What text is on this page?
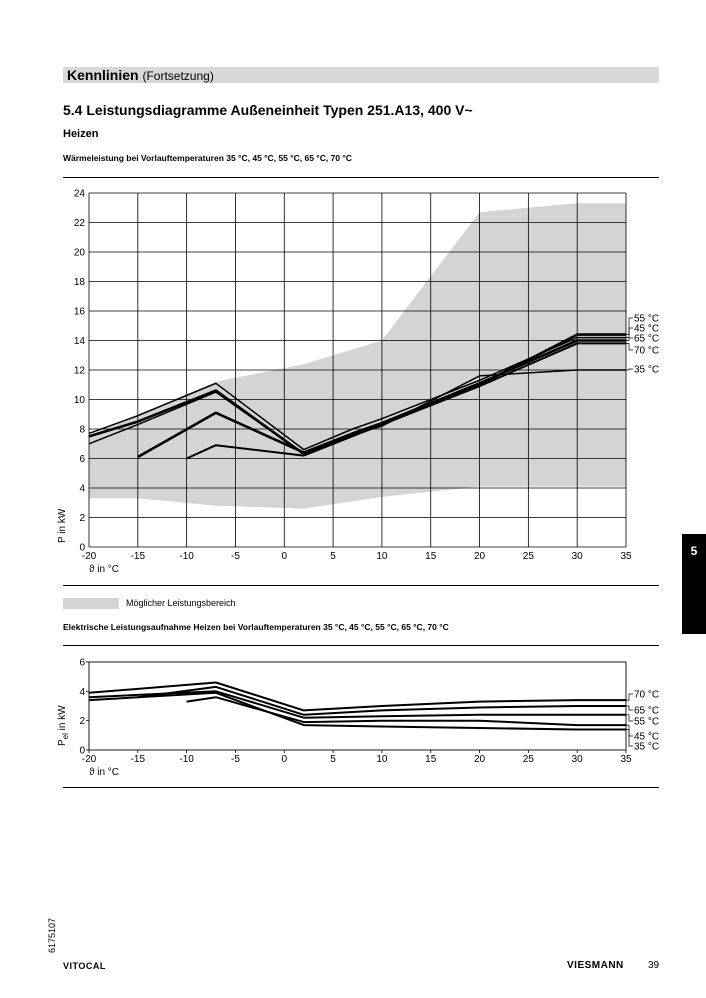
Kennlinien (Fortsetzung)
5.4 Leistungsdiagramme Außeneinheit Typen 251.A13, 400 V~
Heizen
Wärmeleistung bei Vorlauftemperaturen 35 °C, 45 °C, 55 °C, 65 °C, 70 °C
0
2
4
6
8
10
12
14
16
18
20
22
24
-20	-15	-10	-5	0	5	10	15	20	25	30	35
ϑ in °C
P in kW
55 °C
45 °C
65 °C
70 °C
35 °C
Möglicher Leistungsbereich
Elektrische Leistungsaufnahme Heizen bei Vorlauftemperaturen 35 °C, 45 °C, 55 °C, 65 °C, 70 °C
0
2
4
6
-20	-15	-10	-5	0	5	10	15	20	25	30	35
ϑ in °C
$P_{el}$ in kW
70 °C
65 °C
55 °C
45 °C
35 °C
5
6175107
VITOCAL	VIESMANN 39
